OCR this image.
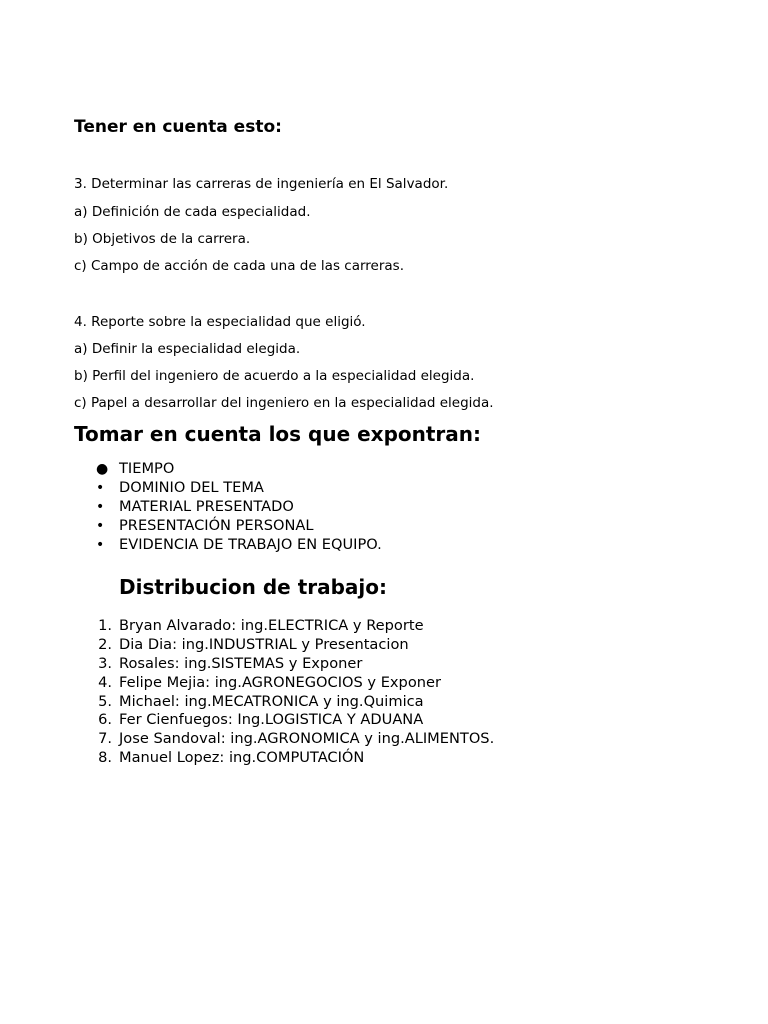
Tener en cuenta esto:

3. Determinar las carreras de ingeniería en El Salvador.

a) Definición de cada especialidad.

b) Objetivos de la carrera.

c) Campo de acción de cada una de las carreras.

4. Reporte sobre la especialidad que eligió.

a) Definir la especialidad elegida.

b) Perfil del ingeniero de acuerdo a la especialidad elegida.

c) Papel a desarrollar del ingeniero en la especialidad elegida.

Tomar en cuenta los que expontran:
● TIEMPO
• DOMINIO DEL TEMA
• MATERIAL PRESENTADO
• PRESENTACIÓN PERSONAL
• EVIDENCIA DE TRABAJO EN EQUIPO.
Distribucion de trabajo:
1. Bryan Alvarado: ing.ELECTRICA y Reporte
2. Dia Dia: ing.INDUSTRIAL y Presentacion
3. Rosales: ing.SISTEMAS y Exponer
4. Felipe Mejia: ing.AGRONEGOCIOS y Exponer
5. Michael: ing.MECATRONICA y ing.Quimica
6. Fer Cienfuegos: Ing.LOGISTICA Y ADUANA
7. Jose Sandoval: ing.AGRONOMICA y ing.ALIMENTOS.
8. Manuel Lopez: ing.COMPUTACIÓN
